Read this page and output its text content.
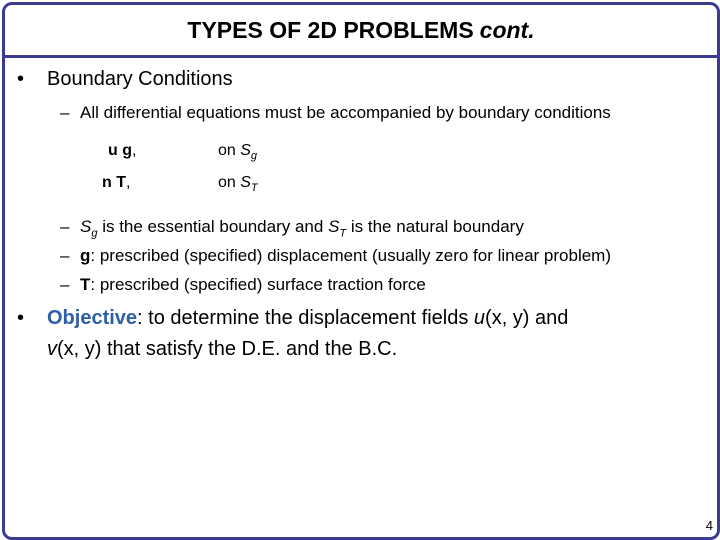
TYPES OF 2D PROBLEMS cont.
•	Boundary Conditions
– All differential equations must be accompanied by boundary conditions
u g,	on $S_g$
n T,	on $S_T$
– $S_g$ is the essential boundary and $S_T$ is the natural boundary
– g: prescribed (specified) displacement (usually zero for linear problem)
– T: prescribed (specified) surface traction force
• Objective: to determine the displacement fields u(x, y) and
v(x, y) that satisfy the D.E. and the B.C.
4
